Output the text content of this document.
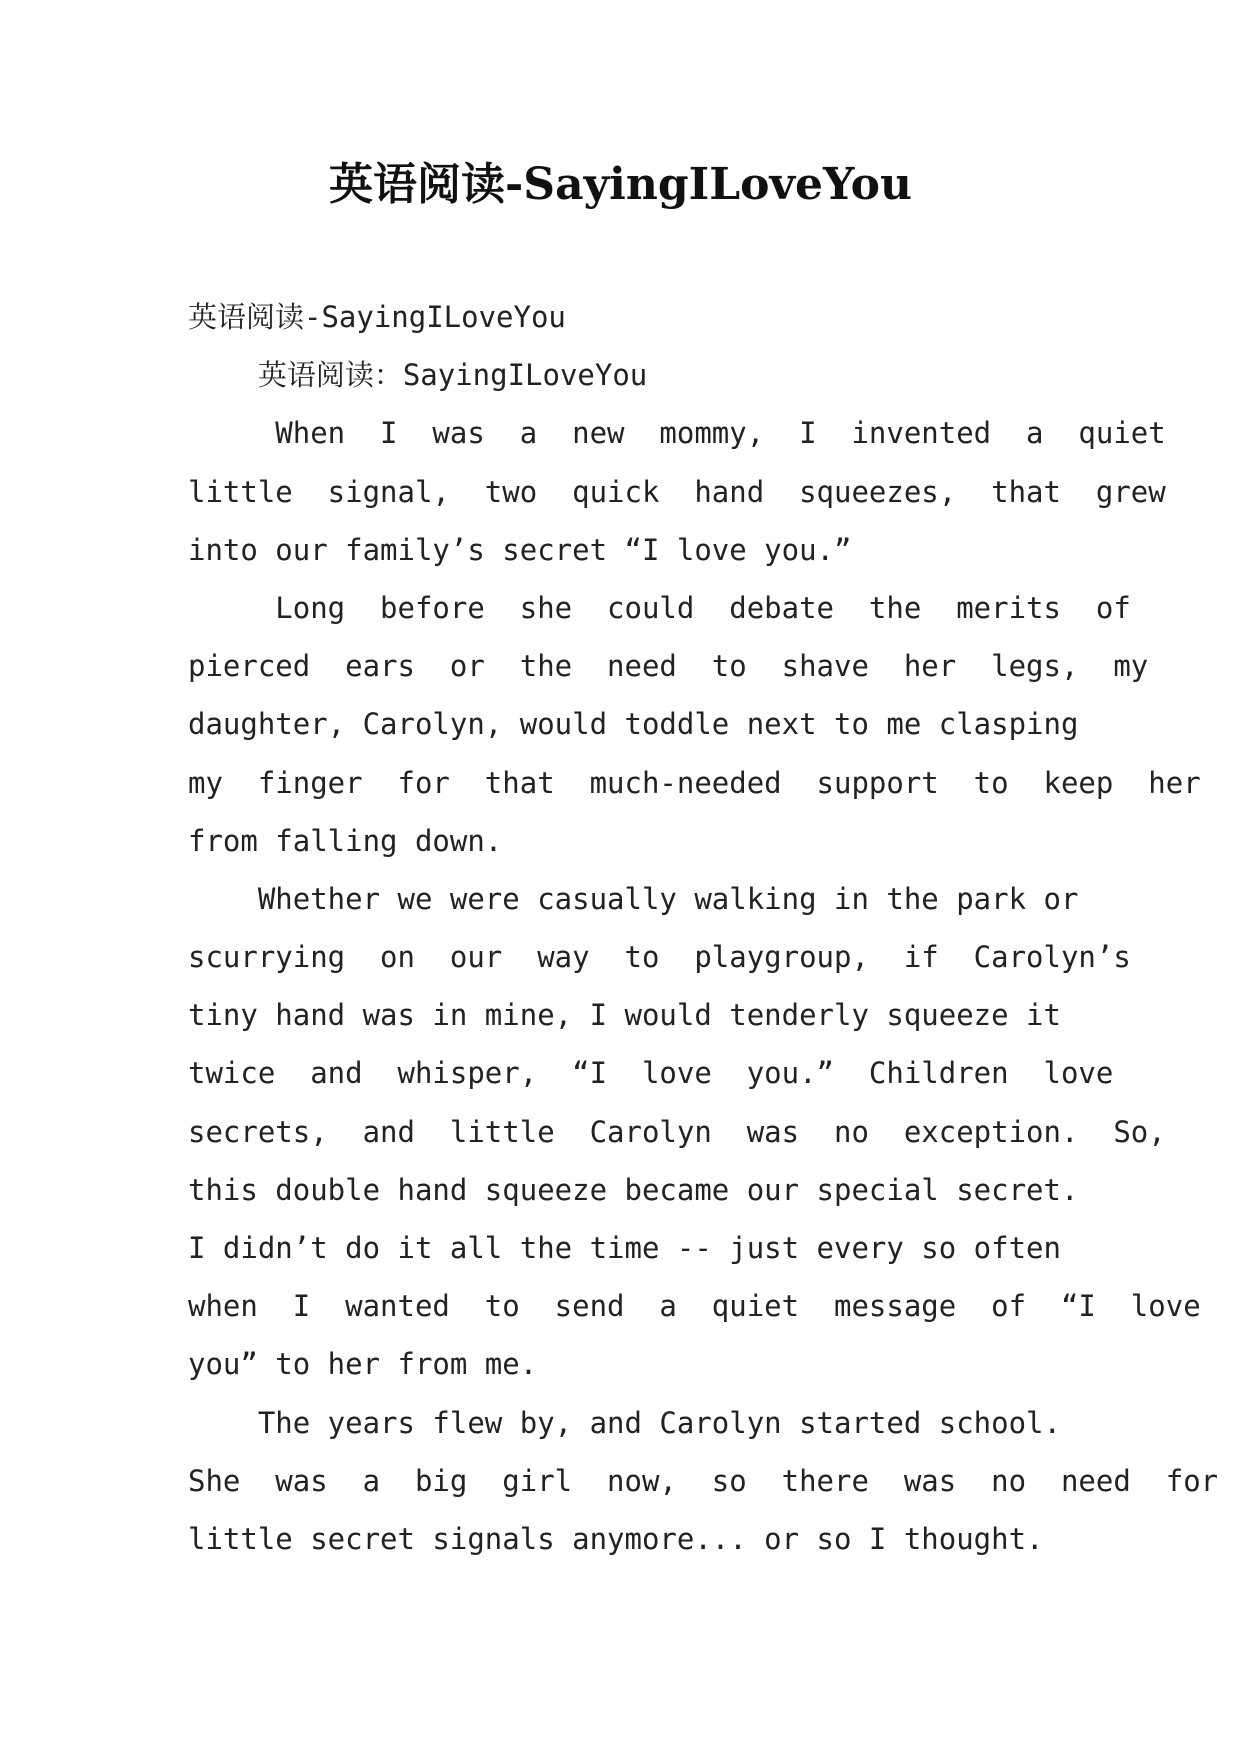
英语阅读-SayingILoveYou
英语阅读-SayingILoveYou
英语阅读：SayingILoveYou
When  I  was  a  new  mommy,  I  invented  a  quiet
little  signal,  two  quick  hand  squeezes,  that  grew
into our family’s secret “I love you.”
Long  before  she  could  debate  the  merits  of
pierced  ears  or  the  need  to  shave  her  legs,  my
daughter, Carolyn, would toddle next to me clasping
my  finger  for  that  much-needed  support  to  keep  her
from falling down.
Whether we were casually walking in the park or
scurrying  on  our  way  to  playgroup,  if  Carolyn’s
tiny hand was in mine, I would tenderly squeeze it
twice  and  whisper,  “I  love  you.”  Children  love
secrets,  and  little  Carolyn  was  no  exception.  So,
this double hand squeeze became our special secret.
I didn’t do it all the time -- just every so often
when  I  wanted  to  send  a  quiet  message  of  “I  love
you” to her from me.
The years flew by, and Carolyn started school.
She  was  a  big  girl  now,  so  there  was  no  need  for
little secret signals anymore... or so I thought.
